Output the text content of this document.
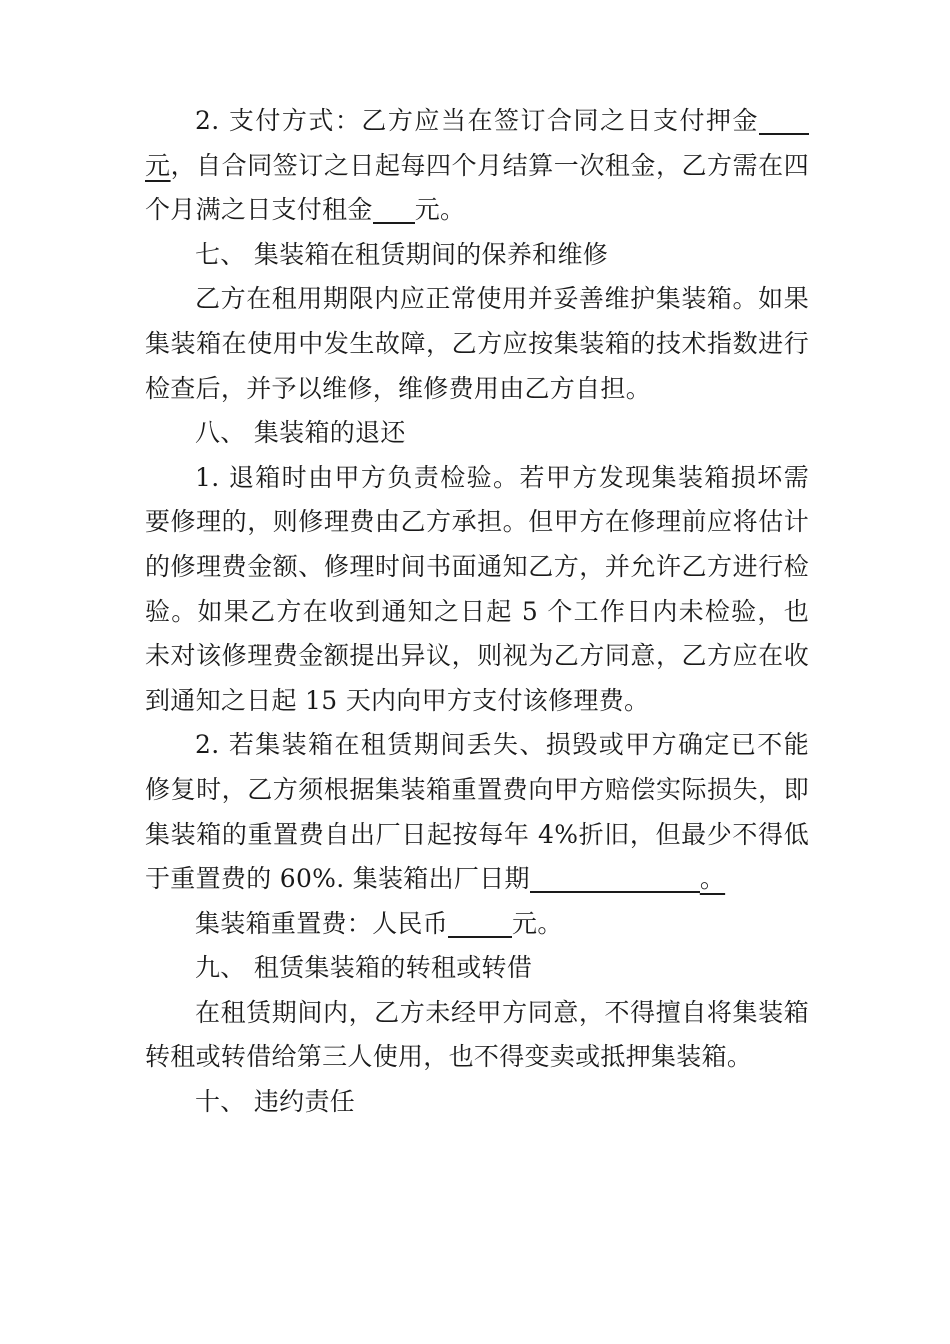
2. 支付方式：乙方应当在签订合同之日支付押金元，自合同签订之日起每四个月结算一次租金，乙方需在四个月满之日支付租金 元。

七、 集装箱在租赁期间的保养和维修

乙方在租用期限内应正常使用并妥善维护集装箱。如果集装箱在使用中发生故障，乙方应按集装箱的技术指数进行检查后，并予以维修，维修费用由乙方自担。

八、 集装箱的退还

1. 退箱时由甲方负责检验。若甲方发现集装箱损坏需要修理的，则修理费由乙方承担。但甲方在修理前应将估计的修理费金额、修理时间书面通知乙方，并允许乙方进行检验。如果乙方在收到通知之日起 5 个工作日内未检验，也未对该修理费金额提出异议，则视为乙方同意，乙方应在收到通知之日起 15 天内向甲方支付该修理费。

2. 若集装箱在租赁期间丢失、损毁或甲方确定已不能修复时，乙方须根据集装箱重置费向甲方赔偿实际损失，即集装箱的重置费自出厂日起按每年 4%折旧，但最少不得低于重置费的 60%. 集装箱出厂日期	。

集装箱重置费：人民币	元。

九、 租赁集装箱的转租或转借

在租赁期间内，乙方未经甲方同意，不得擅自将集装箱转租或转借给第三人使用，也不得变卖或抵押集装箱。

十、 违约责任
